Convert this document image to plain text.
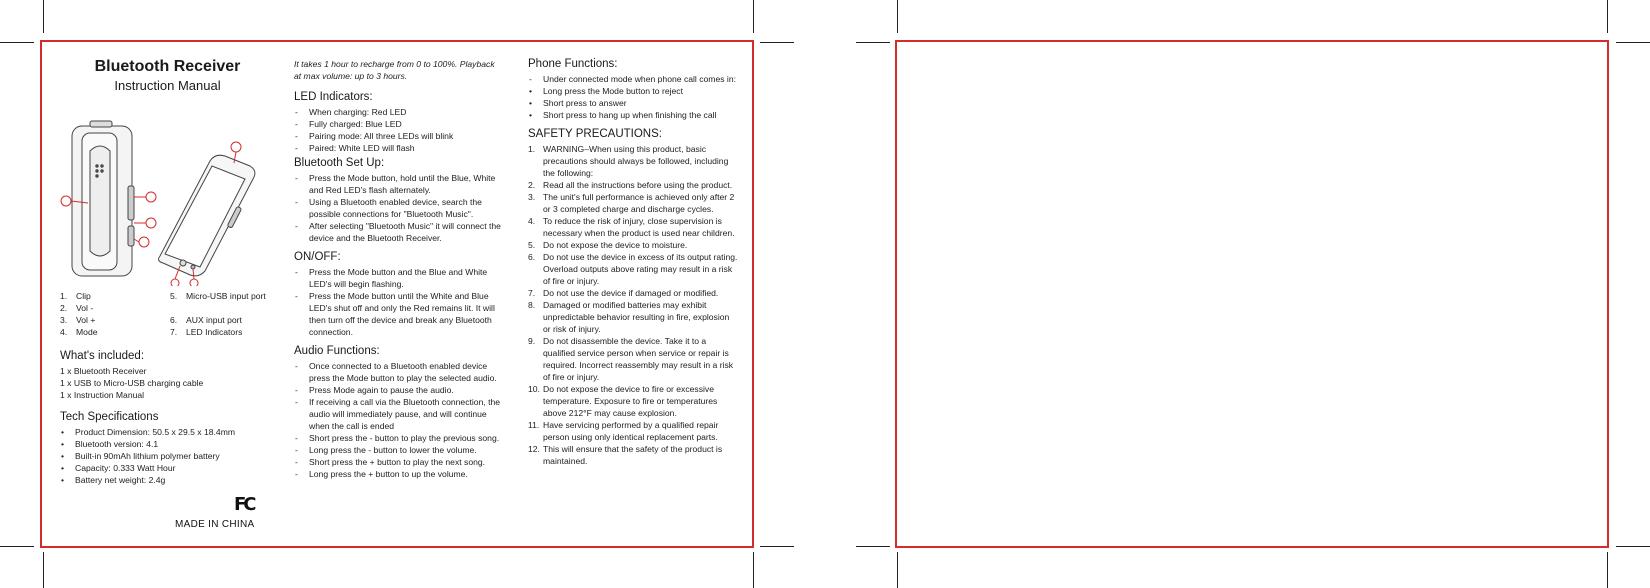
Bluetooth Receiver

Instruction Manual

1. Clip
2. Vol -
3. Vol +
4. Mode
5. Micro-USB input port
6. AUX input port
7. LED Indicators

What's included:

1 x Bluetooth Receiver

1 x USB to Micro-USB charging cable

1 x Instruction Manual

Tech Specifications

• Product Dimension: 50.5 x 29.5 x 18.4mm
• Bluetooth version: 4.1
• Built-in 90mAh lithium polymer battery
• Capacity: 0.333 Watt Hour
• Battery net weight: 2.4g
FC
MADE IN CHINA

It takes 1 hour to recharge from 0 to 100%. Playback at max volume: up to 3 hours.

LED Indicators:

- When charging: Red LED
- Fully charged: Blue LED
- Pairing mode: All three LEDs will blink
- Paired: White LED will flash

Bluetooth Set Up:

- Press the Mode button, hold until the Blue, White and Red LED's flash alternately.
- Using a Bluetooth enabled device, search the possible connections for "Bluetooth Music".
- After selecting "Bluetooth Music" it will connect the device and the Bluetooth Receiver.

ON/OFF:

- Press the Mode button and the Blue and White LED's will begin flashing.
- Press the Mode button until the White and Blue LED's shut off and only the Red remains lit. It will then turn off the device and break any Bluetooth connection.

Audio Functions:

- Once connected to a Bluetooth enabled device press the Mode button to play the selected audio.
- Press Mode again to pause the audio.
- If receiving a call via the Bluetooth connection, the audio will immediately pause, and will continue when the call is ended
- Short press the - button to play the previous song.
- Long press the - button to lower the volume.
- Short press the + button to play the next song.
- Long press the + button to up the volume.

Phone Functions:

- Under connected mode when phone call comes in:
• Long press the Mode button to reject
• Short press to answer
• Short press to hang up when finishing the call

SAFETY PRECAUTIONS:

1. WARNING–When using this product, basic precautions should always be followed, including the following:
2. Read all the instructions before using the product.
3. The unit's full performance is achieved only after 2 or 3 completed charge and discharge cycles.
4. To reduce the risk of injury, close supervision is necessary when the product is used near children.
5. Do not expose the device to moisture.
6. Do not use the device in excess of its output rating. Overload outputs above rating may result in a risk of fire or injury.
7. Do not use the device if damaged or modified.
8. Damaged or modified batteries may exhibit unpredictable behavior resulting in fire, explosion or risk of injury.
9. Do not disassemble the device. Take it to a qualified service person when service or repair is required. Incorrect reassembly may result in a risk of fire or injury.
10. Do not expose the device to fire or excessive temperature. Exposure to fire or temperatures above 212°F may cause explosion.
11. Have servicing performed by a qualified repair person using only identical replacement parts.
12. This will ensure that the safety of the product is maintained.
